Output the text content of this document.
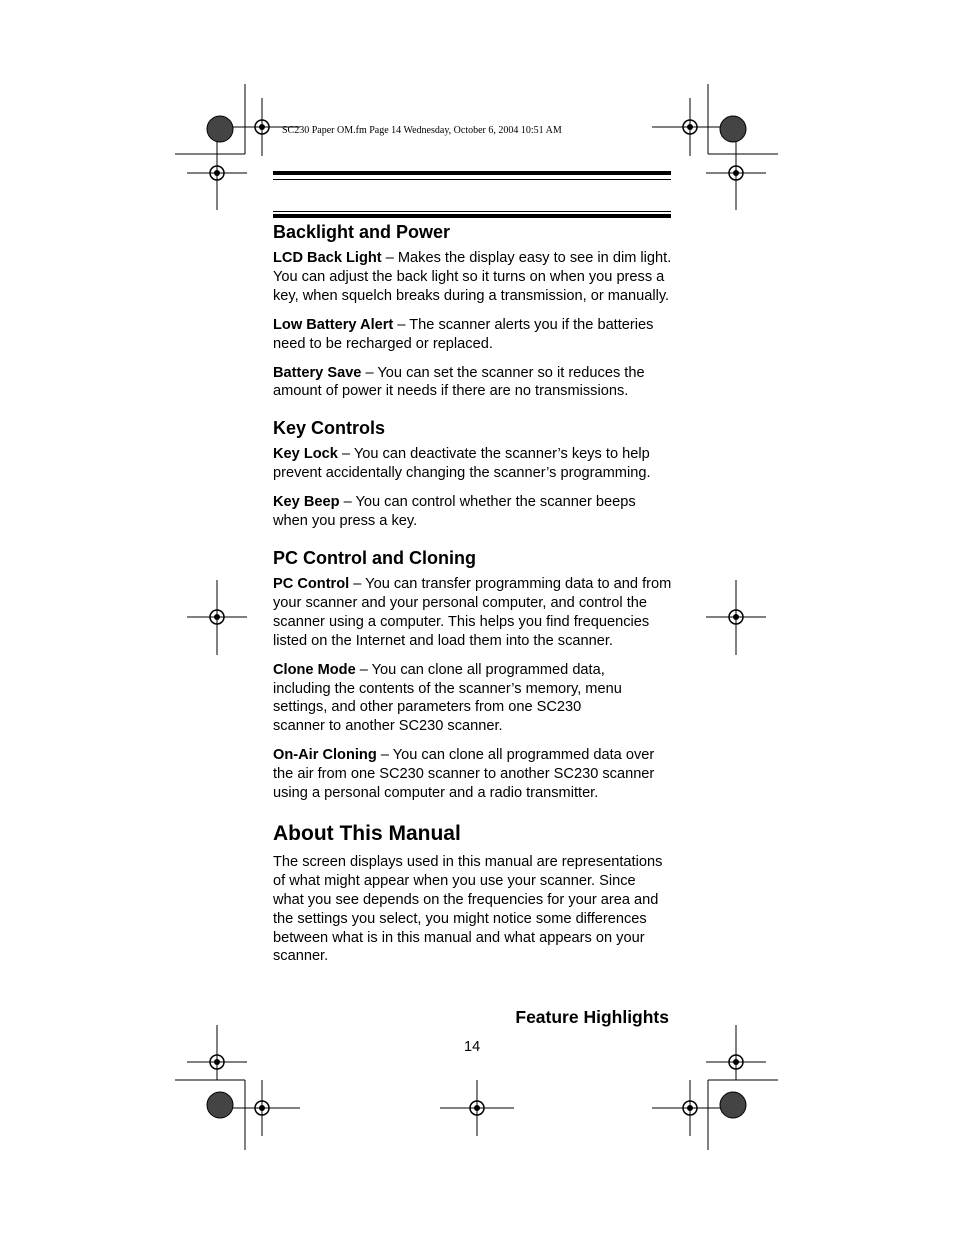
SC230 Paper OM.fm Page 14 Wednesday, October 6, 2004 10:51 AM
Backlight and Power

LCD Back Light – Makes the display easy to see in dim light. You can adjust the back light so it turns on when you press a key, when squelch breaks during a transmission, or manually.

Low Battery Alert – The scanner alerts you if the batteries need to be recharged or replaced.

Battery Save – You can set the scanner so it reduces the amount of power it needs if there are no transmissions.

Key Controls

Key Lock – You can deactivate the scanner’s keys to help prevent accidentally changing the scanner’s programming.

Key Beep – You can control whether the scanner beeps when you press a key.

PC Control and Cloning

PC Control – You can transfer programming data to and from your scanner and your personal computer, and control the scanner using a computer. This helps you find frequencies listed on the Internet and load them into the scanner.

Clone Mode – You can clone all programmed data, including the contents of the scanner’s memory, menu settings, and other parameters from one SC230 scanner to another SC230 scanner.

On-Air Cloning – You can clone all programmed data over the air from one SC230 scanner to another SC230 scanner using a personal computer and a radio transmitter.

About This Manual

The screen displays used in this manual are representations of what might appear when you use your scanner. Since what you see depends on the frequencies for your area and the settings you select, you might notice some differences between what is in this manual and what appears on your scanner.

Feature Highlights
14
